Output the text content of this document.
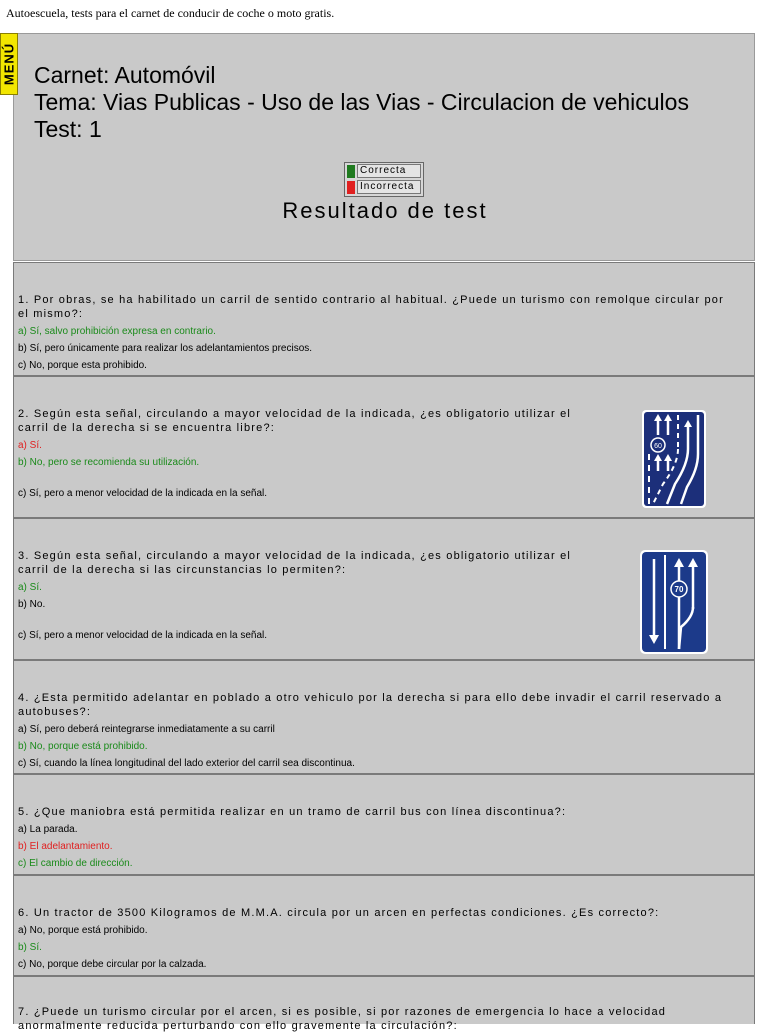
Autoescuela, tests para el carnet de conducir de coche o moto gratis.
Carnet: Automóvil
Tema: Vias Publicas - Uso de las Vias - Circulacion de vehiculos
Test: 1
Correcta
Incorrecta
Resultado de test
MENÚ
1. Por obras, se ha habilitado un carril de sentido contrario al habitual. ¿Puede un turismo con remolque circular por el mismo?:
a) Sí, salvo prohibición expresa en contrario.
b) Sí, pero únicamente para realizar los adelantamientos precisos.
c) No, porque esta prohibido.
2. Según esta señal, circulando a mayor velocidad de la indicada, ¿es obligatorio utilizar el carril de la derecha si se encuentra libre?:
a) Sí.
b) No, pero se recomienda su utilización.
c) Sí, pero a menor velocidad de la indicada en la señal.
60
3. Según esta señal, circulando a mayor velocidad de la indicada, ¿es obligatorio utilizar el carril de la derecha si las circunstancias lo permiten?:
a) Sí.
b) No.
c) Sí, pero a menor velocidad de la indicada en la señal.
70
4. ¿Esta permitido adelantar en poblado a otro vehiculo por la derecha si para ello debe invadir el carril reservado a autobuses?:
a) Sí, pero deberá reintegrarse inmediatamente a su carril
b) No, porque está prohibido.
c) Sí, cuando la línea longitudinal del lado exterior del carril sea discontinua.
5. ¿Que maniobra está permitida realizar en un tramo de carril bus con línea discontinua?:
a) La parada.
b) El adelantamiento.
c) El cambio de dirección.
6. Un tractor de 3500 Kilogramos de M.M.A. circula por un arcen en perfectas condiciones. ¿Es correcto?:
a) No, porque está prohibido.
b) Sí.
c) No, porque debe circular por la calzada.
7. ¿Puede un turismo circular por el arcen, si es posible, si por razones de emergencia lo hace a velocidad anormalmente reducida perturbando con ello gravemente la circulación?:
